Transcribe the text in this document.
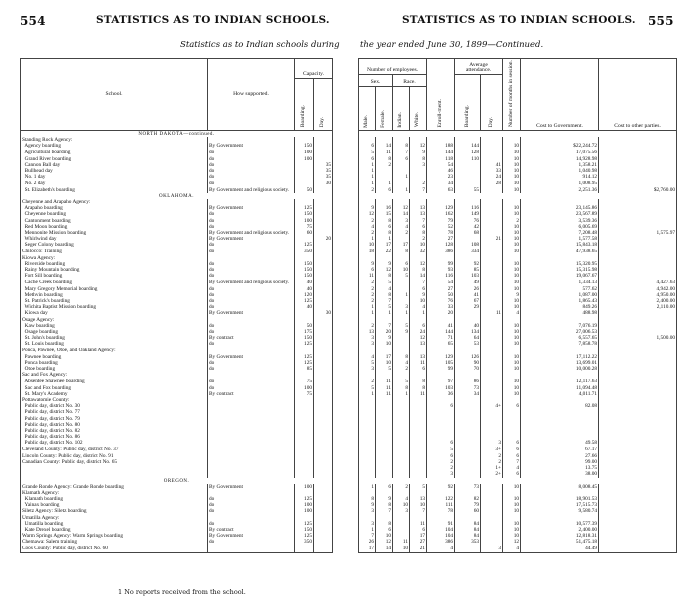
554	STATISTICS AS TO INDIAN SCHOOLS.	STATISTICS AS TO INDIAN SCHOOLS. 555
Statistics as to Indian schools during the year ended June 30, 1899—Continued.
School.	How supported.	Capacity.	
		Boarding.	Day.
NORTH DAKOTA—continued.			
Standing Rock Agency:			
Agency boarding	By Government	150	
Agricultural boarding	do	100	
Grand River boarding	do	100	
Cannon Ball day	do		35
Bullhead day	do		35
No. 1 day	do		35
No. 2 day	do		30
St. Elizabeth's boarding	By Government and religious society.	50	
OKLAHOMA.			
Cheyenne and Arapaho Agency:			
Arapaho boarding	By Government	125	
Cheyenne boarding	do	150	
Cantonment boarding	do	100	
Red Moon boarding	do	75	
Mennonite Mission boarding	By Government and religious society.	60	
Whirlwind day	By Government		20
Seger Colony boarding	do	125	
Chilocco: Training	do	350	
Kiowa Agency:			
Riverside boarding	do	150	
Rainy Mountain boarding	do	150	
Fort Sill boarding	do	150	
Cache Creek boarding	By Government and religious society.	40	
Mary Gregory Memorial boarding	do	40	
Methvin boarding	do	120	
St. Patrick's boarding	do	125	
Wichita Baptist Mission boarding	do	40	
Kiowa day	By Government		30
Osage Agency:			
Kaw boarding	do	50	
Osage boarding	do	175	
St. John's boarding	By contract	150	
St. Louis boarding	do	125	
Ponca, Pawnee, Otoe, and Oakland Agency:			
Pawnee boarding	By Government	125	
Ponca boarding	do	125	
Otoe boarding	do	85	
Sac and Fox Agency:			
Absentee Shawnee boarding	do	75	
Sac and Fox boarding	do	100	
St. Mary's Academy	By contract	75	
Pottawatomie County:			
Public day, district No. 30			
Public day, district No. 77			
Public day, district No. 79			
Public day, district No. 80			
Public day, district No. 82			
Public day, district No. 86			
Public day, district No. 102			
Cleveland County: Public day, district No. 37			
Lincoln County: Public day, district No. 91			
Canadian County: Public day, district No. 65			

OREGON.			
Grande Ronde Agency: Grande Ronde boarding	By Government	100	
Klamath Agency:			
Klamath boarding	do	125	
Yainax boarding	do	100	
Siletz Agency: Siletz boarding	do	100	
Umatilla Agency:			
Umatilla boarding	do	125	
Kate Drexel boarding	By contract	150	
Warm Springs Agency: Warm Springs boarding	By Government	125	
Chemawa: Salem training	do	350	
Coos County: Public day, district No. 60			
Number of employees.				Enroll-ment.	Average attendance.		Number of months in session.	Cost to Government.	Cost to other parties.
Sex.		Race.			Boarding.	Day.			
Male.	Female.	Indian.	White.						

6	14	8	12	188	144		10	$22,244.72	
5	11	7	9	144	128		10	17,075.56	
6	8	6	8	118	110		10	14,928.98	
1	2		3	54		41	10	1,358.21	
1				46		33	10	1,040.98	
1		1		23		24	10	914.12	
1	1		2	34		28	10	1,008.95	
2	6	1	7	63	55		10	2,251.36	$2,760.00

9	16	12	13	129	116		10	23,145.86	
12	15	14	13	162	149		10	23,567.89	
2	8	3	7	79	76		2	3,539.36	
4	6	4	6	52	42		10	6,005.69	
2	8	2	8	78	68		10	7,208.48	1,575.97
1	1		2	27		21	10	1,577.58	
10	17	17	10	128	108		10	15,843.18	
18	22	8	32	386	334		10	47,938.65	

9	9	6	12	99	92		10	15,320.95	
6	12	10	8	93	85		10	15,315.98	
11	8	5	14	116	103		10	19,067.67	
2	5		7	54	49		10	1,334.13	4,427.63
2	4		6	27	26		10	577.62	4,942.00
2	8	1	9	50	41		9	1,087.00	4,950.00
2	7		10	76	67		10	1,865.43	2,400.00
1	5	3	4	33	29		10	849.26	2,110.00
1	1	1	1	20		11	4	488.98	

2	7	5	6	41	40		10	7,076.19	
13	20	9	24	144	134		10	27,006.53	
3	9		12	71	64		10	6,557.65	1,500.00
3	10		13	65	53		10	7,858.78	

4	17	8	13	129	126		10	17,112.22	
5	10	4	11	105	90		10	13,699.01	
3	5	2	6	99	70		10	10,000.28	

2	11	5	8	97	86		10	12,117.63	
5	11	8	8	103	73		10	11,094.48	
1	11	1	11	36	34		10	4,011.71	

				6		4+	6	82.08	

				6		3	6	49.58	
				5		3+	6	67.17	
				6		2	6	27.66	
				2		2	7	99.00	
				2		1+	4	13.75	
				3		2+	6	38.00	

1	6	2	5	92	73		10	8,008.45	

8	9	4	13	122	82		10	18,901.53	
9	8	10	10	111	79		10	17,515.73	
3	7	3	7	78	60		10	9,580.74	

3	8		11	91	84		10	10,577.39	
1	6		6	104	84		10	2,400.00	
7	10		17	104	84		10	12,818.31	
26	12	11	27	386	353		12	51,475.18	
17	14	10	21	4		3	4	44.49	
1 No reports received from the school.
